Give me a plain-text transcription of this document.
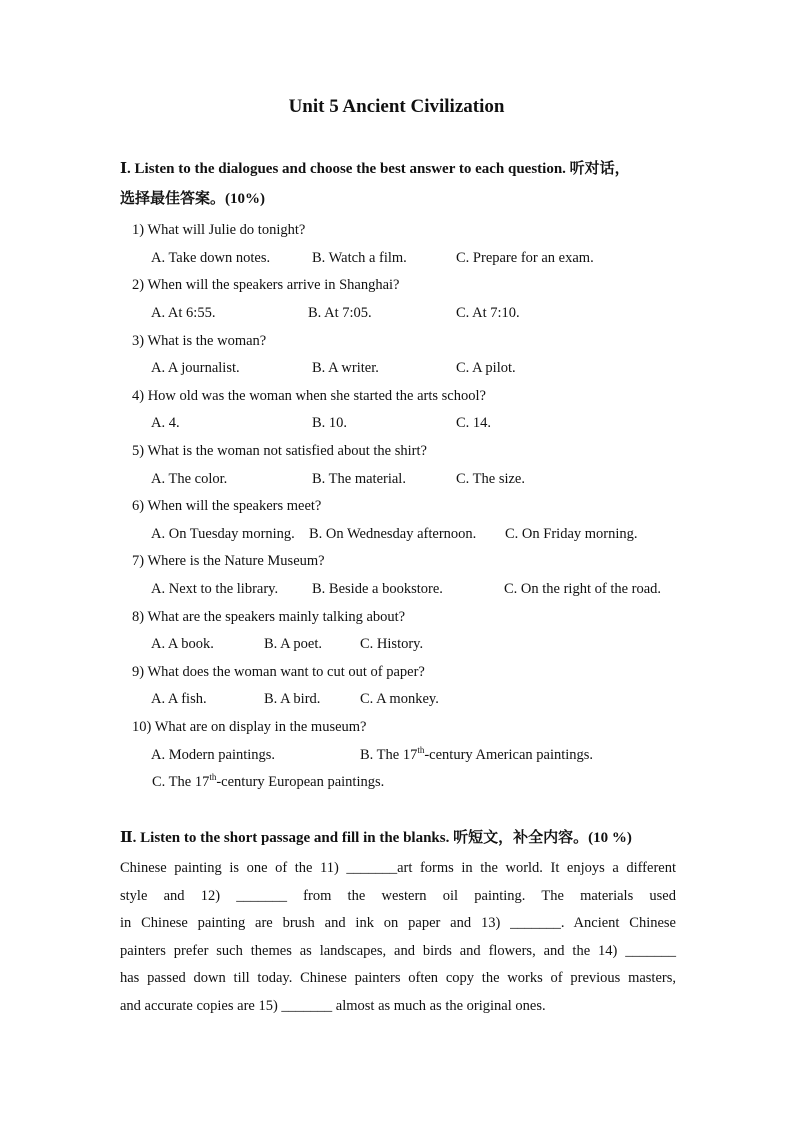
Unit 5 Ancient Civilization
Ⅰ. Listen to the dialogues and choose the best answer to each question. 听对话，
选择最佳答案。(10%)
1) What will Julie do tonight?
A. Take down notes.	B. Watch a film.	C. Prepare for an exam.
2) When will the speakers arrive in Shanghai?
A. At 6:55.	B. At 7:05.	C. At 7:10.
3) What is the woman?
A. A journalist.	B. A writer.	C. A pilot.
4) How old was the woman when she started the arts school?
A. 4.	B. 10.	C. 14.
5) What is the woman not satisfied about the shirt?
A. The color.	B. The material.	C. The size.
6) When will the speakers meet?
A. On Tuesday morning. B. On Wednesday afternoon. C. On Friday morning.
7) Where is the Nature Museum?
A. Next to the library. B. Beside a bookstore.	C. On the right of the road.
8) What are the speakers mainly talking about?
A. A book.	B. A poet.	C. History.
9) What does the woman want to cut out of paper?
A. A fish.	B. A bird.	C. A monkey.
10) What are on display in the museum?
A. Modern paintings.	B. The 17th-century American paintings.
C. The 17th-century European paintings.
Ⅱ. Listen to the short passage and fill in the blanks. 听短文，补全内容。(10 %)
Chinese painting is one of the 11) _______art forms in the world. It enjoys a different
style and 12) _______ from the western oil painting. The materials used
in Chinese painting are brush and ink on paper and 13) _______. Ancient Chinese
painters prefer such themes as landscapes, and birds and flowers, and the 14) _______
has passed down till today. Chinese painters often copy the works of previous masters,
and accurate copies are 15) _______ almost as much as the original ones.
